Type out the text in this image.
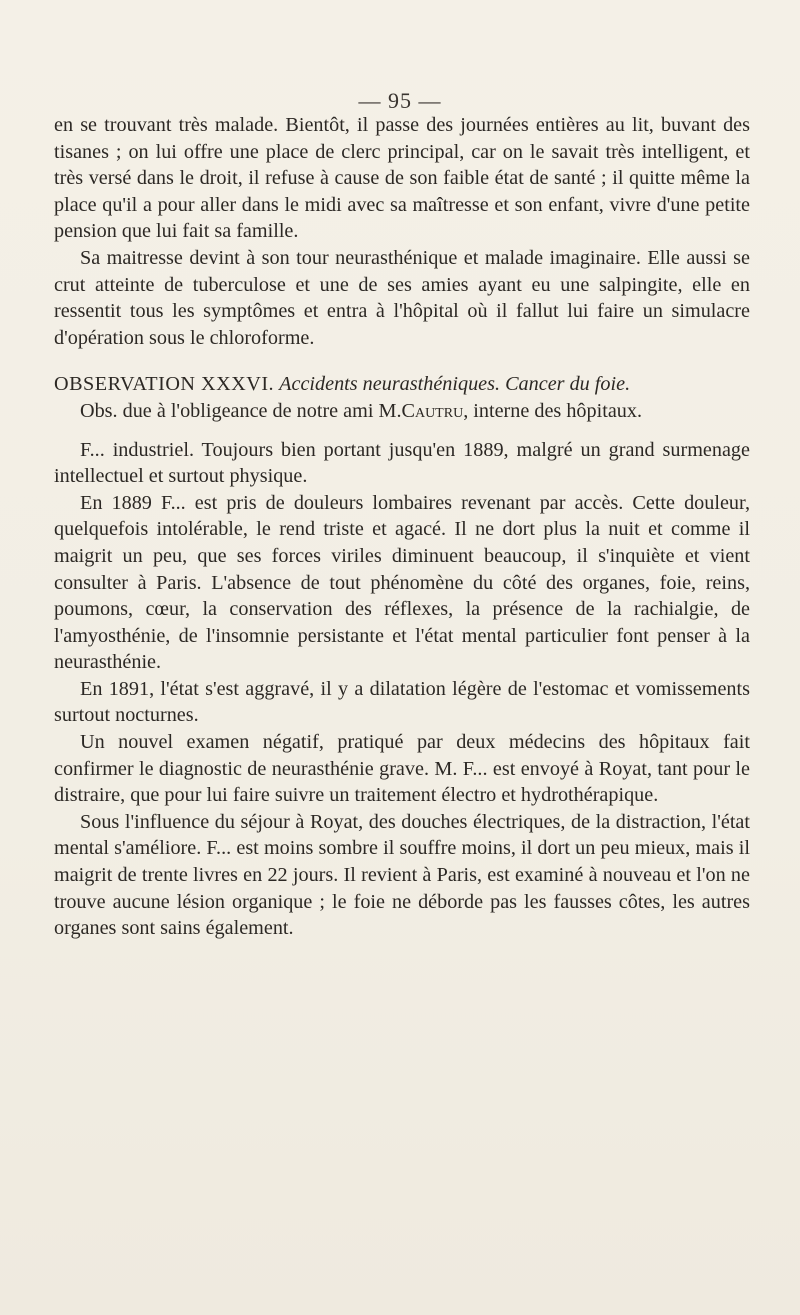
— 95 —

en se trouvant très malade. Bientôt, il passe des journées entières au lit, buvant des tisanes ; on lui offre une place de clerc principal, car on le savait très intelligent, et très versé dans le droit, il refuse à cause de son faible état de santé ; il quitte même la place qu'il a pour aller dans le midi avec sa maîtresse et son enfant, vivre d'une petite pension que lui fait sa famille.

Sa maitresse devint à son tour neurasthénique et malade imaginaire. Elle aussi se crut atteinte de tuberculose et une de ses amies ayant eu une salpingite, elle en ressentit tous les symptômes et entra à l'hôpital où il fallut lui faire un simulacre d'opération sous le chloroforme.

OBSERVATION XXXVI. Accidents neurasthéniques. Cancer du foie.

Obs. due à l'obligeance de notre ami M.Cautru, interne des hôpitaux.

F... industriel. Toujours bien portant jusqu'en 1889, malgré un grand surmenage intellectuel et surtout physique.

En 1889 F... est pris de douleurs lombaires revenant par accès. Cette douleur, quelquefois intolérable, le rend triste et agacé. Il ne dort plus la nuit et comme il maigrit un peu, que ses forces viriles diminuent beaucoup, il s'inquiète et vient consulter à Paris. L'absence de tout phénomène du côté des organes, foie, reins, poumons, cœur, la conservation des réflexes, la présence de la rachialgie, de l'amyosthénie, de l'insomnie persistante et l'état mental particulier font penser à la neurasthénie.

En 1891, l'état s'est aggravé, il y a dilatation légère de l'estomac et vomissements surtout nocturnes.

Un nouvel examen négatif, pratiqué par deux médecins des hôpitaux fait confirmer le diagnostic de neurasthénie grave. M. F... est envoyé à Royat, tant pour le distraire, que pour lui faire suivre un traitement électro et hydrothérapique.

Sous l'influence du séjour à Royat, des douches électriques, de la distraction, l'état mental s'améliore. F... est moins sombre il souffre moins, il dort un peu mieux, mais il maigrit de trente livres en 22 jours. Il revient à Paris, est examiné à nouveau et l'on ne trouve aucune lésion organique ; le foie ne déborde pas les fausses côtes, les autres organes sont sains également.
